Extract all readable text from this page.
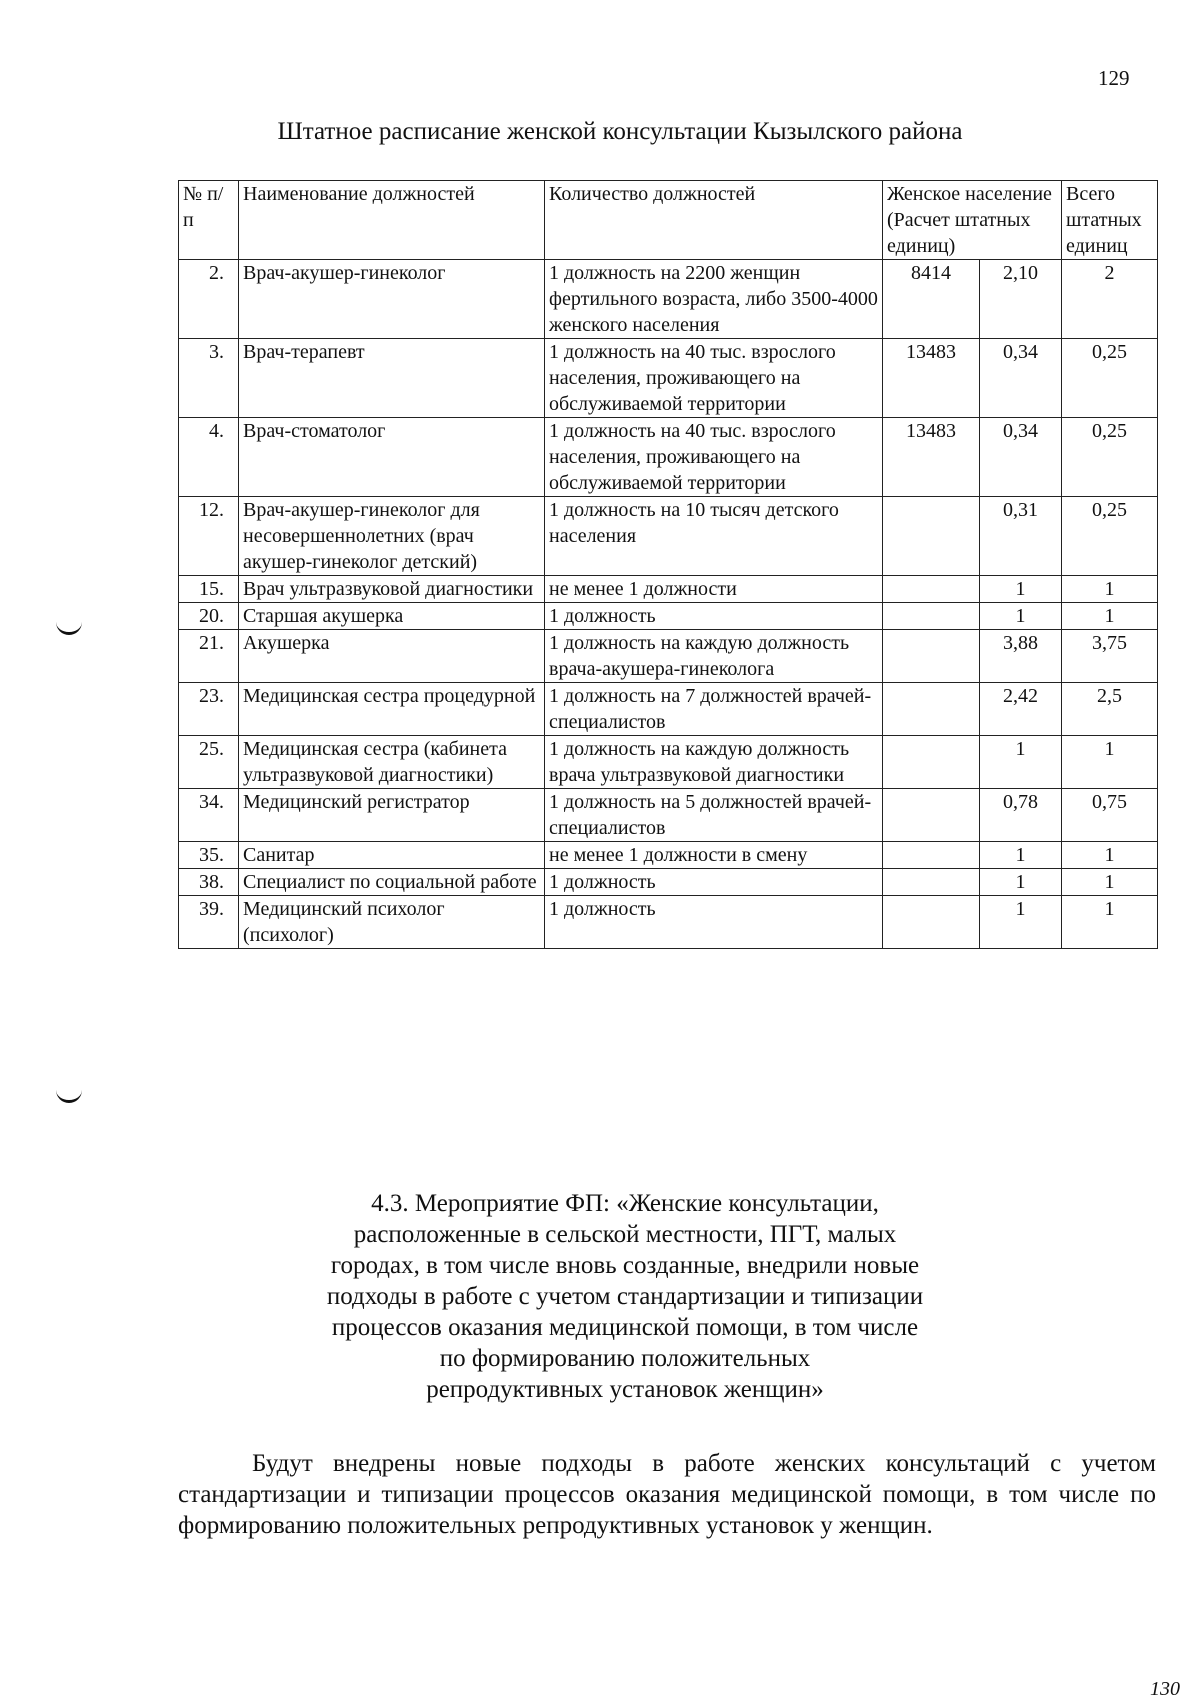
129
Штатное расписание женской консультации Кызылского района
№ п/п	Наименование должностей	Количество должностей	Женское население (Расчет штатных единиц)		Всего штатных единиц
2.	Врач-акушер-гинеколог	1 должность на 2200 женщин фертильного возраста, либо 3500-4000 женского населения	8414	2,10	2
3.	Врач-терапевт	1 должность на 40 тыс. взрослого населения, проживающего на обслуживаемой территории	13483	0,34	0,25
4.	Врач-стоматолог	1 должность на 40 тыс. взрослого населения, проживающего на обслуживаемой территории	13483	0,34	0,25
12.	Врач-акушер-гинеколог для несовершеннолетних (врач акушер-гинеколог детский)	1 должность на 10 тысяч детского населения		0,31	0,25
15.	Врач ультразвуковой диагностики	не менее 1 должности		1	1
20.	Старшая акушерка	1 должность		1	1
21.	Акушерка	1 должность на каждую должность врача-акушера-гинеколога		3,88	3,75
23.	Медицинская сестра процедурной	1 должность на 7 должностей врачей-специалистов		2,42	2,5
25.	Медицинская сестра (кабинета ультразвуковой диагностики)	1 должность на каждую должность врача ультразвуковой диагностики		1	1
34.	Медицинский регистратор	1 должность на 5 должностей врачей-специалистов		0,78	0,75
35.	Санитар	не менее 1 должности в смену		1	1
38.	Специалист по социальной работе	1 должность		1	1
39.	Медицинский психолог (психолог)	1 должность		1	1
4.3. Мероприятие ФП: «Женские консультации,
расположенные в сельской местности, ПГТ, малых
городах, в том числе вновь созданные, внедрили новые
подходы в работе с учетом стандартизации и типизации
процессов оказания медицинской помощи, в том числе
по формированию положительных
репродуктивных установок женщин»
Будут внедрены новые подходы в работе женских консультаций с учетом стандартизации и типизации процессов оказания медицинской помощи, в том числе по формированию положительных репродуктивных установок у женщин.
130
